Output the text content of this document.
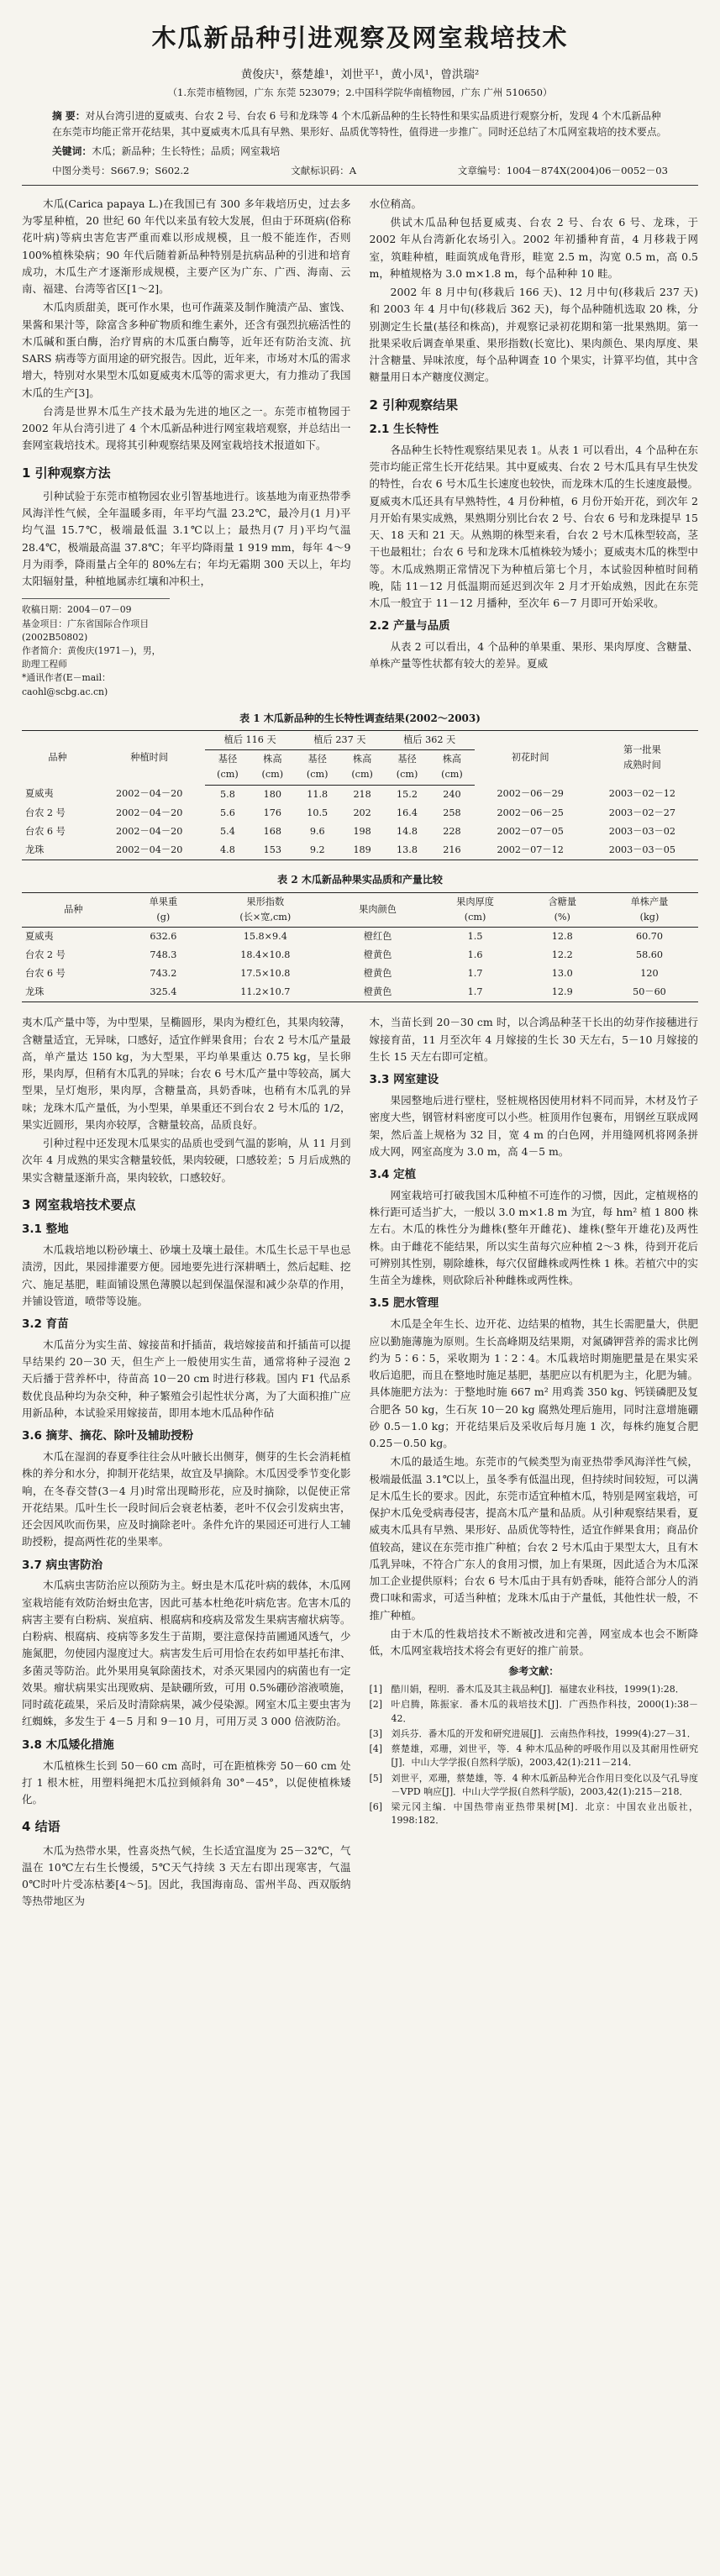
木瓜新品种引进观察及网室栽培技术
黄俊庆¹，蔡楚雄¹，刘世平¹，黄小凤¹，曾洪瑞²
（1.东莞市植物园，广东 东莞 523079；2.中国科学院华南植物园，广东 广州 510650）
摘 要：对从台湾引进的夏威夷、台农 2 号、台农 6 号和龙珠等 4 个木瓜新品种的生长特性和果实品质进行观察分析，发现 4 个木瓜新品种在东莞市均能正常开花结果，其中夏威夷木瓜具有早熟、果形好、品质优等特性，值得进一步推广。同时还总结了木瓜网室栽培的技术要点。
关键词：木瓜；新品种；生长特性；品质；网室栽培
中图分类号：S667.9；S602.2	文献标识码：A	文章编号：1004－874X(2004)06－0052－03

木瓜(Carica papaya L.)在我国已有 300 多年栽培历史，过去多为零星种植，20 世纪 60 年代以来虽有较大发展，但由于环斑病(俗称花叶病)等病虫害危害严重而难以形成规模，且一般不能连作，否则 100%植株染病；90 年代后随着新品种特别是抗病品种的引进和培育成功，木瓜生产才逐渐形成规模，主要产区为广东、广西、海南、云南、福建、台湾等省区[1～2]。

木瓜肉质甜美，既可作水果，也可作蔬菜及制作腌渍产品、蜜饯、果酱和果汁等，除富含多种矿物质和维生素外，还含有强烈抗癌活性的木瓜碱和蛋白酶，治疗胃病的木瓜蛋白酶等，近年还有防治支流、抗 SARS 病毒等方面用途的研究报告。因此，近年来，市场对木瓜的需求增大，特别对水果型木瓜如夏威夷木瓜等的需求更大，有力推动了我国木瓜的生产[3]。

台湾是世界木瓜生产技术最为先进的地区之一。东莞市植物园于 2002 年从台湾引进了 4 个木瓜新品种进行网室栽培观察，并总结出一套网室栽培技术。现将其引种观察结果及网室栽培技术报道如下。

1 引种观察方法

引种试验于东莞市植物园农业引智基地进行。该基地为南亚热带季风海洋性气候，全年温暖多雨，年平均气温 23.2℃，最冷月(1 月)平均气温 15.7℃，极端最低温 3.1℃以上；最热月(7 月)平均气温 28.4℃，极端最高温 37.8℃；年平均降雨量 1 919 mm，每年 4～9 月为雨季，降雨量占全年的 80%左右；年均无霜期 300 天以上，年均太阳辐射量，种植地属赤红壤和冲积土，

收稿日期：2004－07－09
基金项目：广东省国际合作项目(2002B50802)
作者简介：黄俊庆(1971－)，男，助理工程师
*通讯作者(E－mail：caohl@scbg.ac.cn)

水位稍高。

供试木瓜品种包括夏威夷、台农 2 号、台农 6 号、龙珠，于 2002 年从台湾新化农场引入。2002 年初播种育苗，4 月移栽于网室，筑畦种植，畦面筑成龟背形，畦宽 2.5 m，沟宽 0.5 m，高 0.5 m，种植规格为 3.0 m×1.8 m，每个品种种 10 畦。

2002 年 8 月中旬(移栽后 166 天)、12 月中旬(移栽后 237 天)和 2003 年 4 月中旬(移栽后 362 天)，每个品种随机选取 20 株，分别测定生长量(基径和株高)，并观察记录初花期和第一批果熟期。第一批果采收后调查单果重、果形指数(长宽比)、果肉颜色、果肉厚度、果汁含糖量、异味浓度，每个品种调查 10 个果实，计算平均值，其中含糖量用日本产糖度仪测定。

2 引种观察结果
2.1 生长特性

各品种生长特性观察结果见表 1。从表 1 可以看出，4 个品种在东莞市均能正常生长开花结果。其中夏威夷、台农 2 号木瓜具有早生快发的特性，台农 6 号木瓜生长速度也较快，而龙珠木瓜的生长速度最慢。夏威夷木瓜还具有早熟特性，4 月份种植，6 月份开始开花，到次年 2 月开始有果实成熟，果熟期分别比台农 2 号、台农 6 号和龙珠提早 15 天、18 天和 21 天。从熟期的株型来看，台农 2 号木瓜株型较高，茎干也最粗壮；台农 6 号和龙珠木瓜植株较为矮小；夏威夷木瓜的株型中等。木瓜成熟期正常情况下为种植后第七个月，本试验因种植时间稍晚，陆 11－12 月低温期而延迟到次年 2 月才开始成熟，因此在东莞木瓜一般宜于 11－12 月播种，至次年 6－7 月即可开始采收。

2.2 产量与品质

从表 2 可以看出，4 个品种的单果重、果形、果肉厚度、含糖量、单株产量等性状都有较大的差异。夏威

表 1 木瓜新品种的生长特性调查结果(2002～2003)
品种	种植时间	植后 116 天		植后 237 天		植后 362 天		初花时间	第一批果
成熟时间
		基径
(cm)	株高
(cm)	基径
(cm)	株高
(cm)	基径
(cm)	株高
(cm)		
夏威夷	2002－04－20	5.8	180	11.8	218	15.2	240	2002－06－29	2003－02－12
台农 2 号	2002－04－20	5.6	176	10.5	202	16.4	258	2002－06－25	2003－02－27
台农 6 号	2002－04－20	5.4	168	9.6	198	14.8	228	2002－07－05	2003－03－02
龙珠	2002－04－20	4.8	153	9.2	189	13.8	216	2002－07－12	2003－03－05
表 2 木瓜新品种果实品质和产量比较
品种	单果重
(g)	果形指数
(长×宽,cm)	果肉颜色	果肉厚度
(cm)	含糖量
(%)	单株产量
(kg)
夏威夷	632.6	15.8×9.4	橙红色	1.5	12.8	60.70
台农 2 号	748.3	18.4×10.8	橙黄色	1.6	12.2	58.60
台农 6 号	743.2	17.5×10.8	橙黄色	1.7	13.0	120
龙珠	325.4	11.2×10.7	橙黄色	1.7	12.9	50－60

夷木瓜产量中等，为中型果，呈椭圆形，果肉为橙红色，其果肉较薄，含糖量适宜，无异味，口感好，适宜作鲜果食用；台农 2 号木瓜产量最高，单产量达 150 kg，为大型果，平均单果重达 0.75 kg，呈长卵形，果肉厚，但稍有木瓜乳的异味；台农 6 号木瓜产量中等较高，属大型果，呈灯炮形，果肉厚，含糖量高，具奶香味，也稍有木瓜乳的异味；龙珠木瓜产量低，为小型果，单果重还不到台农 2 号木瓜的 1/2，果实近圆形，果肉亦较厚，含糖量较高，品质良好。

引种过程中还发现木瓜果实的品质也受到气温的影响，从 11 月到次年 4 月成熟的果实含糖量较低，果肉较硬，口感较差；5 月后成熟的果实含糖量逐渐升高，果肉较软，口感较好。

3 网室栽培技术要点
3.1 整地

木瓜栽培地以粉砂壤土、砂壤土及壤土最佳。木瓜生长忌干旱也忌渍涝，因此，果园排灌要方便。园地要先进行深耕晒土，然后起畦、挖穴、施足基肥，畦面铺设黑色薄膜以起到保温保湿和减少杂草的作用，并铺设管道，喷带等设施。

3.2 育苗

木瓜苗分为实生苗、嫁接苗和扦插苗，栽培嫁接苗和扦插苗可以提早结果约 20－30 天，但生产上一般使用实生苗，通常将种子浸泡 2 天后播于营养杯中，待苗高 10－20 cm 时进行移栽。国内 F1 代品系数优良品种均为杂交种，种子繁殖会引起性状分离，为了大面积推广应用新品种，本试验采用嫁接苗，即用本地木瓜品种作砧

3.6 摘芽、摘花、除叶及辅助授粉

木瓜在湿润的春夏季往往会从叶腋长出侧芽，侧芽的生长会消耗植株的养分和水分，抑制开花结果，故宜及早摘除。木瓜因受季节变化影响，在冬春交替(3－4 月)时常出现畸形花，应及时摘除，以促使正常开花结果。瓜叶生长一段时间后会衰老枯萎，老叶不仅会引发病虫害，还会因风吹而伤果，应及时摘除老叶。条件允许的果园还可进行人工辅助授粉，提高两性花的坐果率。

3.7 病虫害防治

木瓜病虫害防治应以预防为主。蚜虫是木瓜花叶病的载体，木瓜网室栽培能有效防治蚜虫危害，因此可基本杜绝花叶病危害。危害木瓜的病害主要有白粉病、炭疽病、根腐病和疫病及常发生果病害瘤状病等。白粉病、根腐病、疫病等多发生于苗期，要注意保持苗圃通风透气，少施氮肥，勿使园内湿度过大。病害发生后可用恰在农药如甲基托布津、多菌灵等防治。此外果用臭氧除菌技术，对杀灭果园内的病菌也有一定效果。瘤状病果实出现败病、是缺硼所致，可用 0.5%硼砂溶液喷施，同时疏花疏果，采后及时清除病果，减少侵染源。网室木瓜主要虫害为红蜘蛛，多发生于 4－5 月和 9－10 月，可用万灵 3 000 倍液防治。

3.8 木瓜矮化措施

木瓜植株生长到 50－60 cm 高时，可在距植株旁 50－60 cm 处打 1 根木桩，用塑料绳把木瓜拉到倾斜角 30°－45°，以促使植株矮化。

4 结语

木瓜为热带水果，性喜炎热气候，生长适宜温度为 25－32℃，气温在 10℃左右生长慢缓，5℃天气持续 3 天左右即出现寒害，气温 0℃时叶片受冻枯萎[4～5]。因此，我国海南岛、雷州半岛、西双版纳等热带地区为

木，当苗长到 20－30 cm 时，以合鸿品种茎干长出的幼芽作接穗进行嫁接育苗，11 月至次年 4 月嫁接的生长 30 天左右，5－10 月嫁接的生长 15 天左右即可定植。

3.3 网室建设

果园整地后进行壁柱，竖桩规格因使用材料不同而异，木材及竹子密度大些，钢管材料密度可以小些。桩顶用作包裹布，用钢丝互联成网架，然后盖上规格为 32 目，宽 4 m 的白色网，并用缝网机将网条拼成大网，网室高度为 3.0 m，高 4－5 m。

3.4 定植

网室栽培可打破我国木瓜种植不可连作的习惯，因此，定植规格的株行距可适当扩大，一般以 3.0 m×1.8 m 为宜，每 hm² 植 1 800 株左右。木瓜的株性分为雌株(整年开雌花)、雄株(整年开雄花)及两性株。由于雌花不能结果，所以实生苗每穴应种植 2～3 株，待到开花后可辨别其性别，剔除雄株，每穴仅留雌株或两性株 1 株。若植穴中的实生苗全为雄株，则砍除后补种雌株或两性株。

3.5 肥水管理

木瓜是全年生长、边开花、边结果的植物，其生长需肥量大，供肥应以勤施薄施为原则。生长高峰期及结果期，对氮磷钾营养的需求比例约为 5∶6∶5，采收期为 1∶2∶4。木瓜栽培时期施肥量是在果实采收后追肥，而且在整地时施足基肥，基肥应以有机肥为主，化肥为辅。具体施肥方法为：于整地时施 667 m² 用鸡粪 350 kg、钙镁磷肥及复合肥各 50 kg，生石灰 10－20 kg 腐熟处理后施用，同时注意增施硼砂 0.5－1.0 kg；开花结果后及采收后每月施 1 次，每株约施复合肥 0.25－0.50 kg。

木瓜的最适生地。东莞市的气候类型为南亚热带季风海洋性气候，极端最低温 3.1℃以上，虽冬季有低温出现，但持续时间较短，可以满足木瓜生长的要求。因此，东莞市适宜种植木瓜，特别是网室栽培，可保护木瓜免受病毒侵害，提高木瓜产量和品质。从引种观察结果看，夏威夷木瓜具有早熟、果形好、品质优等特性，适宜作鲜果食用；商品价值较高，建议在东莞市推广种植；台农 2 号木瓜由于果型太大，且有木瓜乳异味，不符合广东人的食用习惯，加上有果斑，因此适合为木瓜深加工企业提供原料；台农 6 号木瓜由于具有奶香味，能符合部分人的消费口味和需求，可适当种植；龙珠木瓜由于产量低，其他性状一般，不推广种植。

由于木瓜的性栽培技术不断被改进和完善，网室成本也会不断降低，木瓜网室栽培技术将会有更好的推广前景。

参考文献：
[1] 酷川娟，程明．番木瓜及其主栽品种[J]．福建农业科技，1999(1):28．
[2] 叶启腾，陈振家．番木瓜的栽培技术[J]．广西热作科技，2000(1):38－42．
[3] 刘兵芬．番木瓜的开发和研究进展[J]．云南热作科技，1999(4):27－31．
[4] 蔡楚雄，邓珊，刘世平，等．4 种木瓜品种的呼吸作用以及其耐用性研究[J]．中山大学学报(自然科学版)，2003,42(1):211－214．
[5] 刘世平，邓珊，蔡楚雄，等．4 种木瓜新品种光合作用日变化以及气孔导度－VPD 响应[J]．中山大学学报(自然科学版)，2003,42(1):215－218．
[6] 梁元冈主编．中国热带南亚热带果树[M]．北京：中国农业出版社，1998:182．
